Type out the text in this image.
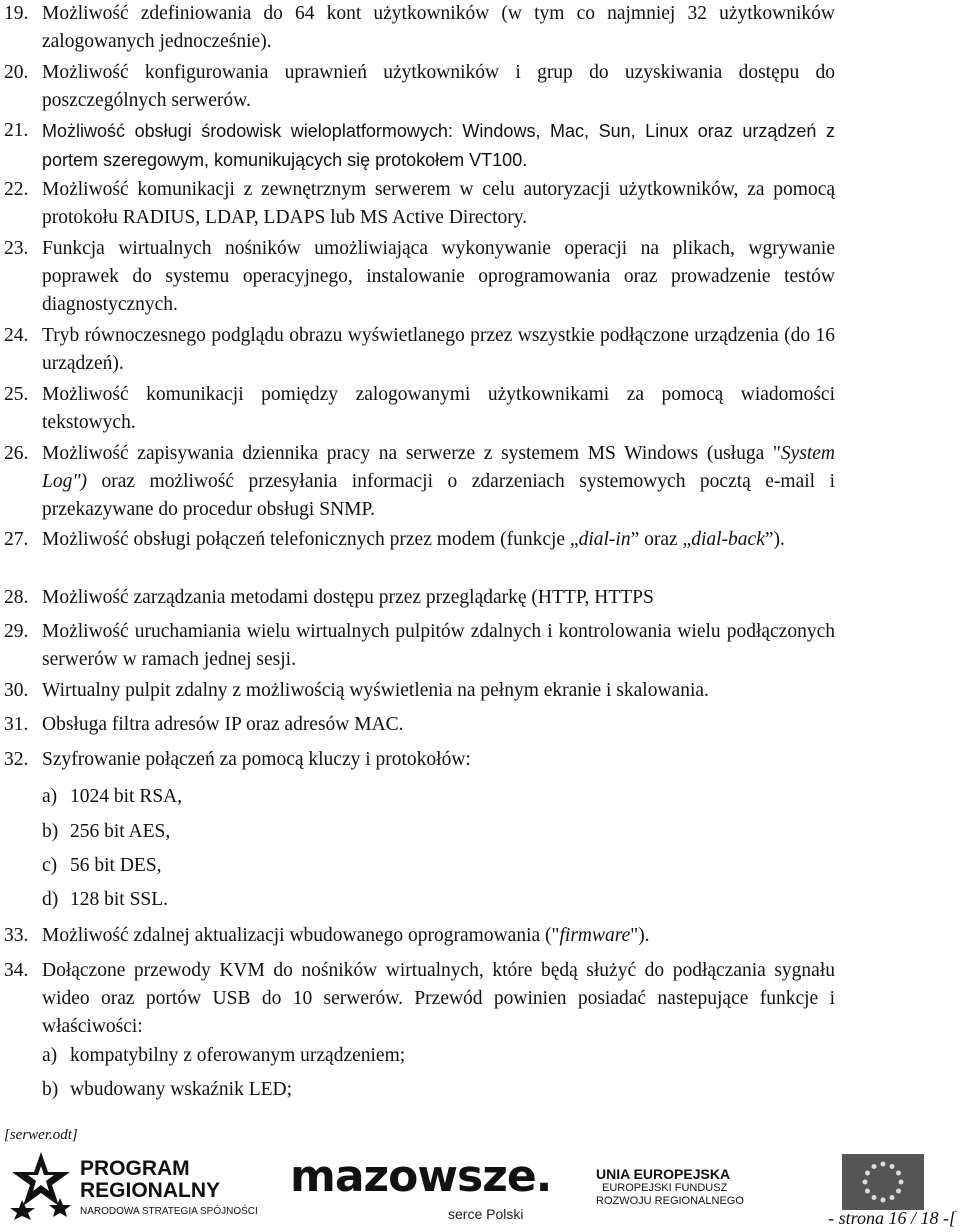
19. Możliwość zdefiniowania do 64 kont użytkowników (w tym co najmniej 32 użytkowników zalogowanych jednocześnie).
20. Możliwość konfigurowania uprawnień użytkowników i grup do uzyskiwania dostępu do poszczególnych serwerów.
21. Możliwość obsługi środowisk wieloplatformowych: Windows, Mac, Sun, Linux oraz urządzeń z portem szeregowym, komunikujących się protokołem VT100.
22. Możliwość komunikacji z zewnętrznym serwerem w celu autoryzacji użytkowników, za pomocą protokołu RADIUS, LDAP, LDAPS lub MS Active Directory.
23. Funkcja wirtualnych nośników umożliwiająca wykonywanie operacji na plikach, wgrywanie poprawek do systemu operacyjnego, instalowanie oprogramowania oraz prowadzenie testów diagnostycznych.
24. Tryb równoczesnego podglądu obrazu wyświetlanego przez wszystkie podłączone urządzenia (do 16 urządzeń).
25. Możliwość komunikacji pomiędzy zalogowanymi użytkownikami za pomocą wiadomości tekstowych.
26. Możliwość zapisywania dziennika pracy na serwerze z systemem MS Windows (usługa "System Log") oraz możliwość przesyłania informacji o zdarzeniach systemowych pocztą e-mail i przekazywane do procedur obsługi SNMP.
27. Możliwość obsługi połączeń telefonicznych przez modem (funkcje „dial-in” oraz „dial-back”).
28. Możliwość zarządzania metodami dostępu przez przeglądarkę (HTTP, HTTPS
29. Możliwość uruchamiania wielu wirtualnych pulpitów zdalnych i kontrolowania wielu podłączonych serwerów w ramach jednej sesji.
30. Wirtualny pulpit zdalny z możliwością wyświetlenia na pełnym ekranie i skalowania.
31. Obsługa filtra adresów IP oraz adresów MAC.
32. Szyfrowanie połączeń za pomocą kluczy i protokołów:
a) 1024 bit RSA,
b) 256 bit AES,
c) 56 bit DES,
d) 128 bit SSL.
33. Możliwość zdalnej aktualizacji wbudowanego oprogramowania ("firmware").
34. Dołączone przewody KVM do nośników wirtualnych, które będą służyć do podłączania sygnału wideo oraz portów USB do 10 serwerów. Przewód powinien posiadać nastepujące funkcje i właściwości:
a) kompatybilny z oferowanym urządzeniem;
b) wbudowany wskaźnik LED;
[serwer.odt]
PROGRAM
REGIONALNY
NARODOWA STRATEGIA SPÓJNOŚCI
mazowsze.
serce Polski
UNIA EUROPEJSKA
EUROPEJSKI FUNDUSZ
ROZWOJU REGIONALNEGO
- strona 16 / 18 -[
